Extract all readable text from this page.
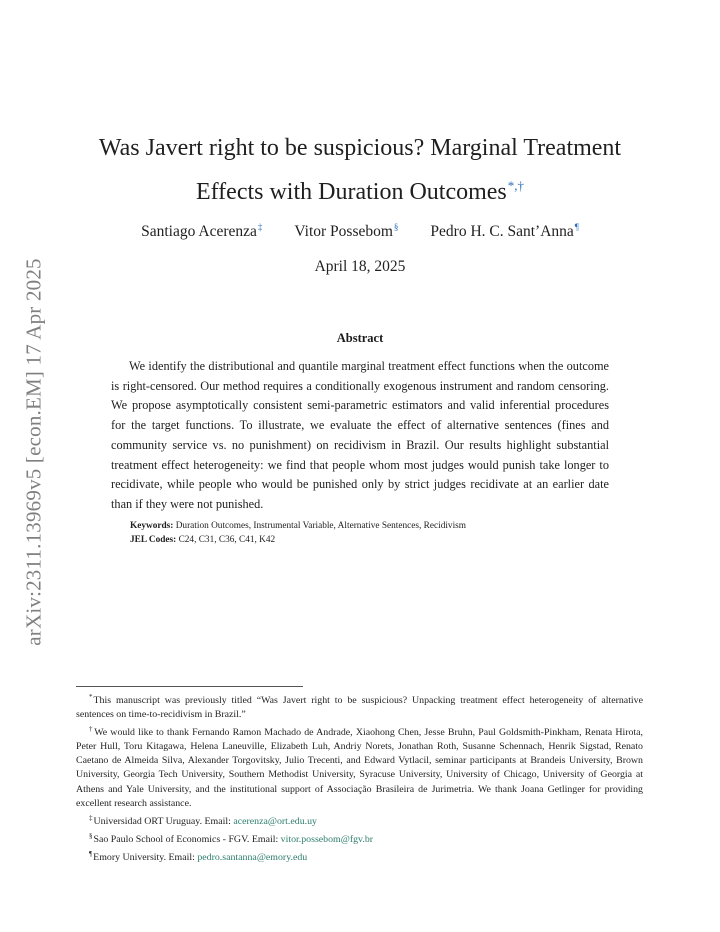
arXiv:2311.13969v5 [econ.EM] 17 Apr 2025
Was Javert right to be suspicious? Marginal Treatment
Effects with Duration Outcomes*,†
Santiago Acerenza‡ Vitor Possebom§ Pedro H. C. Sant’Anna¶
April 18, 2025
Abstract

We identify the distributional and quantile marginal treatment effect functions when the outcome is right-censored. Our method requires a conditionally exogenous instrument and random censoring. We propose asymptotically consistent semi-parametric estimators and valid inferential procedures for the target functions. To illustrate, we evaluate the effect of alternative sentences (fines and community service vs. no punishment) on recidivism in Brazil. Our results highlight substantial treatment effect heterogeneity: we find that people whom most judges would punish take longer to recidivate, while people who would be punished only by strict judges recidivate at an earlier date than if they were not punished.

Keywords: Duration Outcomes, Instrumental Variable, Alternative Sentences, Recidivism
JEL Codes: C24, C31, C36, C41, K42

*This manuscript was previously titled “Was Javert right to be suspicious? Unpacking treatment effect heterogeneity of alternative sentences on time-to-recidivism in Brazil.”

†We would like to thank Fernando Ramon Machado de Andrade, Xiaohong Chen, Jesse Bruhn, Paul Goldsmith-Pinkham, Renata Hirota, Peter Hull, Toru Kitagawa, Helena Laneuville, Elizabeth Luh, Andriy Norets, Jonathan Roth, Susanne Schennach, Henrik Sigstad, Renato Caetano de Almeida Silva, Alexander Torgovitsky, Julio Trecenti, and Edward Vytlacil, seminar participants at Brandeis University, Brown University, Georgia Tech University, Southern Methodist University, Syracuse University, University of Chicago, University of Georgia at Athens and Yale University, and the institutional support of Associação Brasileira de Jurimetria. We thank Joana Getlinger for providing excellent research assistance.

‡Universidad ORT Uruguay. Email: acerenza@ort.edu.uy

§Sao Paulo School of Economics - FGV. Email: vitor.possebom@fgv.br

¶Emory University. Email: pedro.santanna@emory.edu
